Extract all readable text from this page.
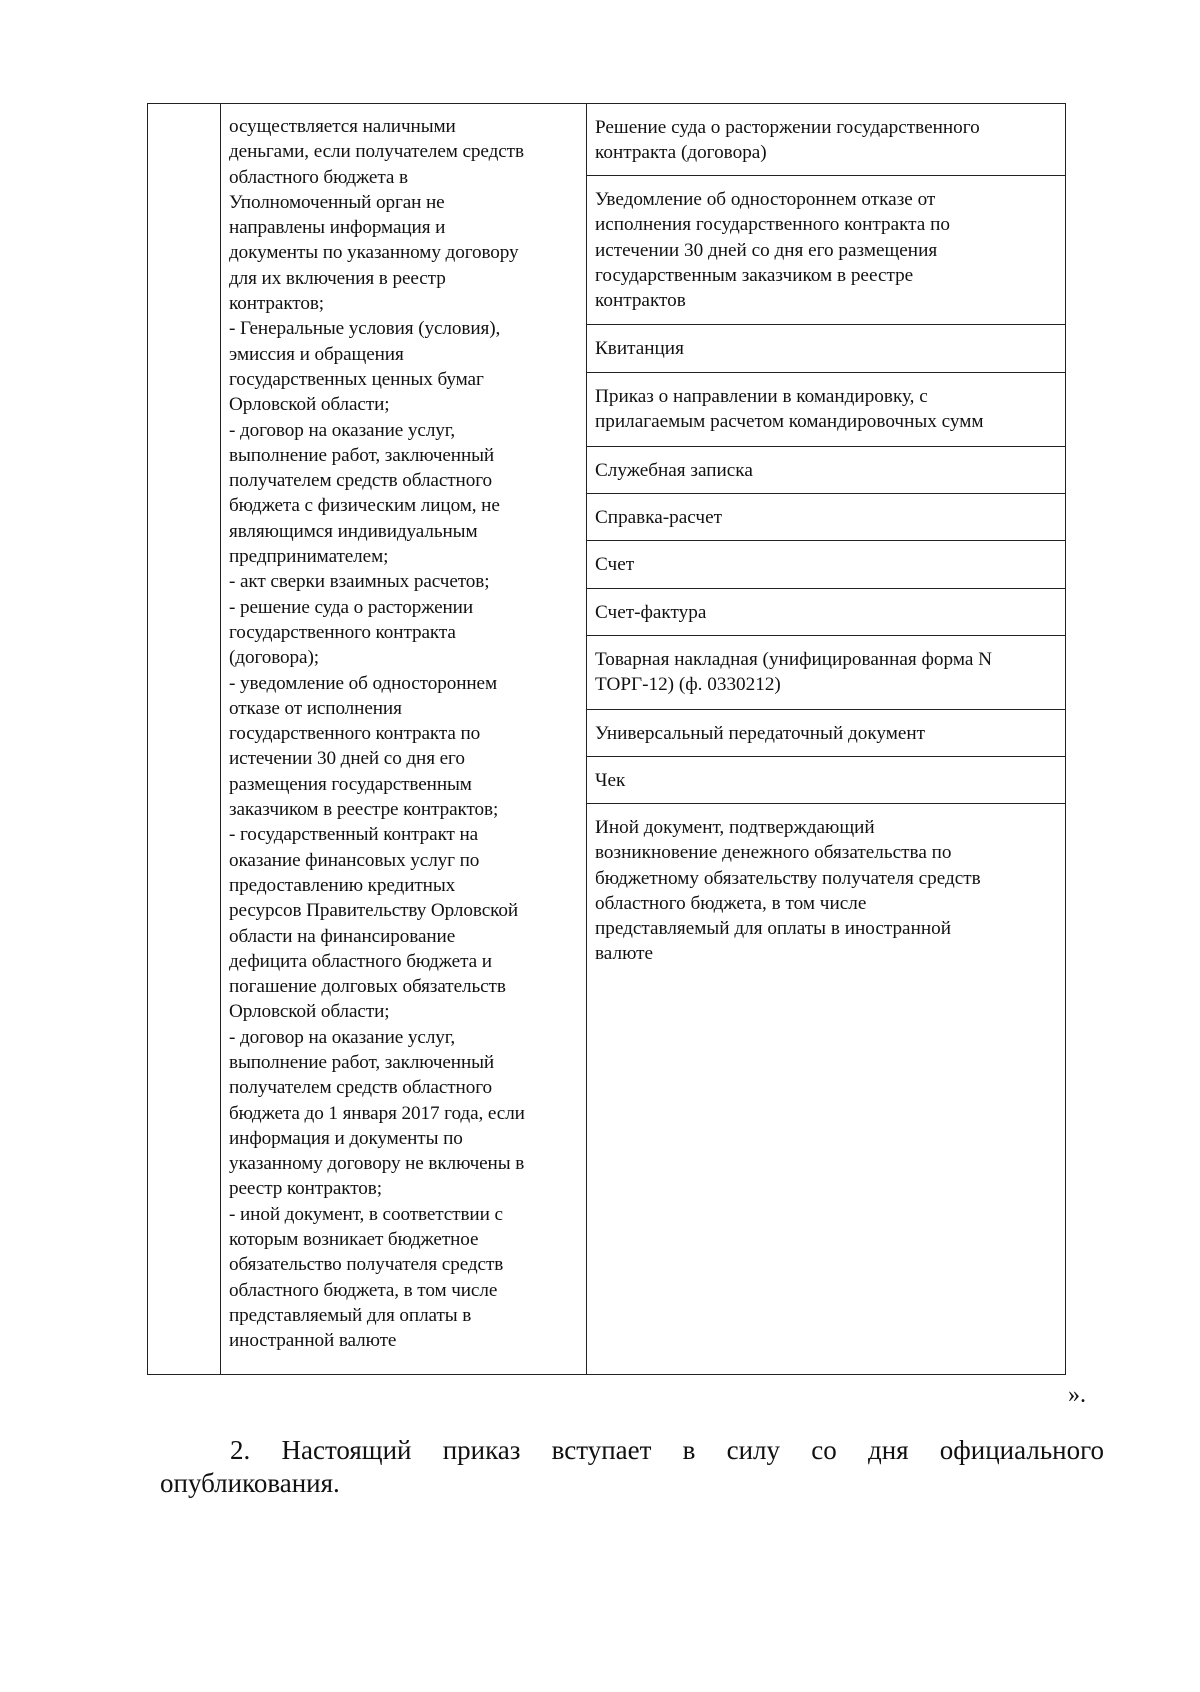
осуществляется наличными
деньгами, если получателем средств
областного бюджета в
Уполномоченный орган не
направлены информация и
документы по указанному договору
для их включения в реестр
контрактов;
- Генеральные условия (условия),
эмиссия и обращения
государственных ценных бумаг
Орловской области;
- договор на оказание услуг,
выполнение работ, заключенный
получателем средств областного
бюджета с физическим лицом, не
являющимся индивидуальным
предпринимателем;
- акт сверки взаимных расчетов;
- решение суда о расторжении
государственного контракта
(договора);
- уведомление об одностороннем
отказе от исполнения
государственного контракта по
истечении 30 дней со дня его
размещения государственным
заказчиком в реестре контрактов;
- государственный контракт на
оказание финансовых услуг по
предоставлению кредитных
ресурсов Правительству Орловской
области на финансирование
дефицита областного бюджета и
погашение долговых обязательств
Орловской области;
- договор на оказание услуг,
выполнение работ, заключенный
получателем средств областного
бюджета до 1 января 2017 года, если
информация и документы по
указанному договору не включены в
реестр контрактов;
- иной документ, в соответствии с
которым возникает бюджетное
обязательство получателя средств
областного бюджета, в том числе
представляемый для оплаты в
иностранной валюте
Решение суда о расторжении государственного
контракта (договора)
Уведомление об одностороннем отказе от
исполнения государственного контракта по
истечении 30 дней со дня его размещения
государственным заказчиком в реестре
контрактов
Квитанция
Приказ о направлении в командировку, с
прилагаемым расчетом командировочных сумм
Служебная записка
Справка-расчет
Счет
Счет-фактура
Товарная накладная (унифицированная форма N
ТОРГ-12) (ф. 0330212)
Универсальный передаточный документ
Чек
Иной документ, подтверждающий
возникновение денежного обязательства по
бюджетному обязательству получателя средств
областного бюджета, в том числе
представляемый для оплаты в иностранной
валюте
».
2. Настоящий приказ вступает в силу со дня официального
опубликования.
